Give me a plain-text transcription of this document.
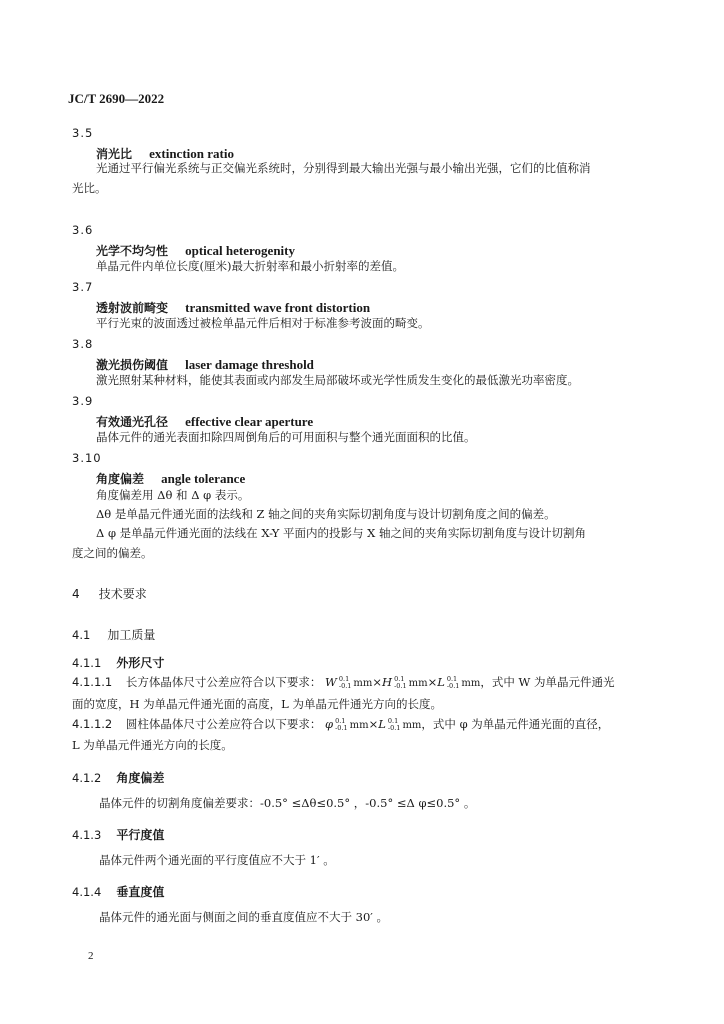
JC/T 2690—2022
3.5
消光比 extinction ratio
光通过平行偏光系统与正交偏光系统时，分别得到最大输出光强与最小输出光强，它们的比值称消
光比。
3.6
光学不均匀性 optical heterogenity
单晶元件内单位长度(厘米)最大折射率和最小折射率的差值。
3.7
透射波前畸变 transmitted wave front distortion
平行光束的波面透过被检单晶元件后相对于标准参考波面的畸变。
3.8
激光损伤阈值 laser damage threshold
激光照射某种材料，能使其表面或内部发生局部破坏或光学性质发生变化的最低激光功率密度。
3.9
有效通光孔径 effective clear aperture
晶体元件的通光表面扣除四周倒角后的可用面积与整个通光面面积的比值。
3.10
角度偏差 angle tolerance
角度偏差用 Δθ 和 Δ φ 表示。
Δθ 是单晶元件通光面的法线和 Z 轴之间的夹角实际切割角度与设计切割角度之间的偏差。
Δ φ 是单晶元件通光面的法线在 X-Y 平面内的投影与 X 轴之间的夹角实际切割角度与设计切割角
度之间的偏差。
4 技术要求
4.1 加工质量
4.1.1 外形尺寸
4.1.1.1 长方体晶体尺寸公差应符合以下要求： W 0.1
-0.1 mm×H 0.1
-0.1 mm×L 0.1
-0.1 mm，式中 W 为单晶元件通光
面的宽度，H 为单晶元件通光面的高度，L 为单晶元件通光方向的长度。
4.1.1.2 圆柱体晶体尺寸公差应符合以下要求： φ 0.1
-0.1 mm×L 0.1
-0.1 mm，式中 φ 为单晶元件通光面的直径，
L 为单晶元件通光方向的长度。
4.1.2 角度偏差
晶体元件的切割角度偏差要求：-0.5° ≤Δθ≤0.5° ，-0.5° ≤Δ φ≤0.5° 。
4.1.3 平行度值
晶体元件两个通光面的平行度值应不大于 1′ 。
4.1.4 垂直度值
晶体元件的通光面与侧面之间的垂直度值应不大于 30′ 。
2
